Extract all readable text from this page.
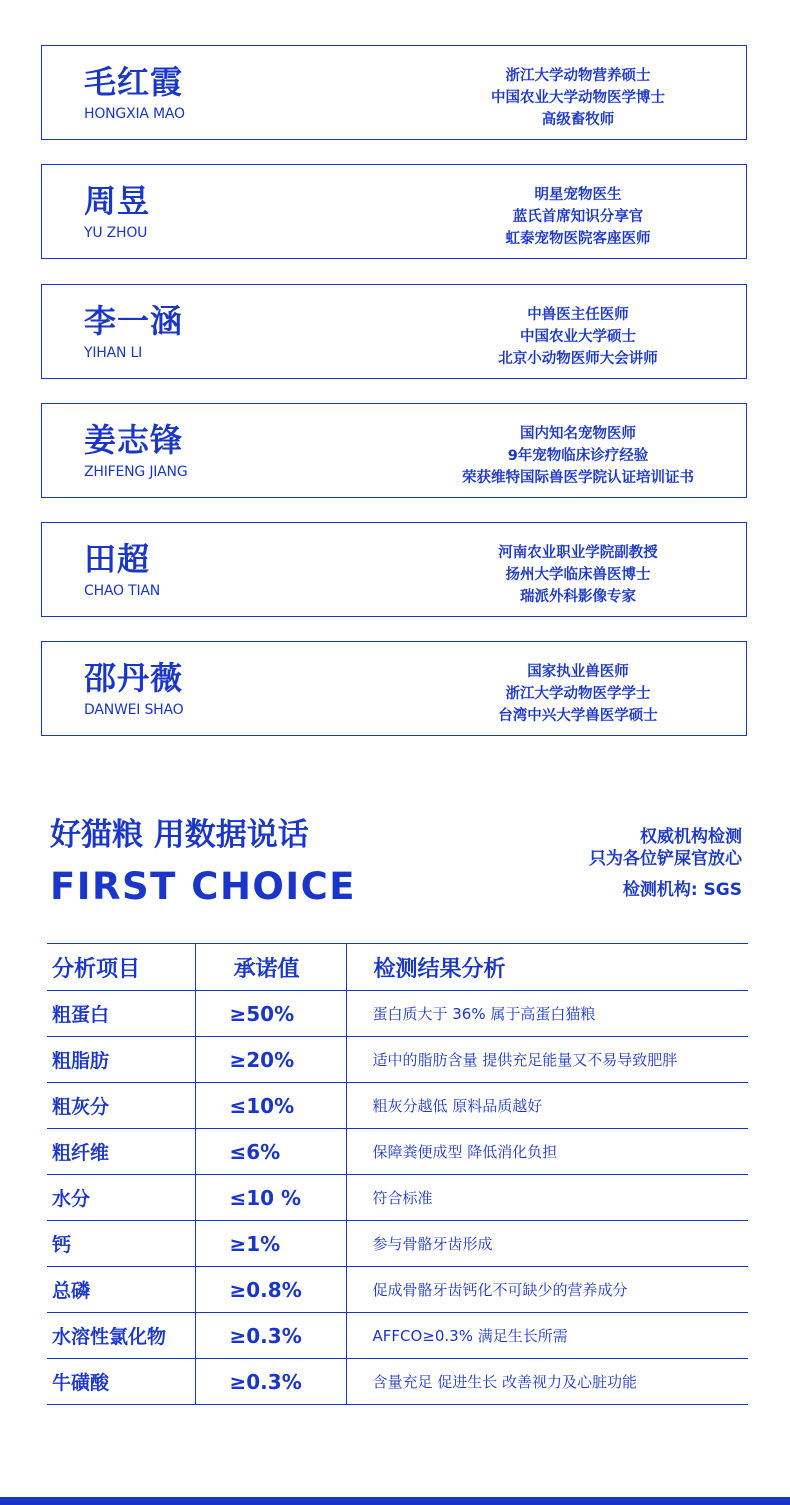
毛红霞
HONGXIA MAO
浙江大学动物营养硕士
中国农业大学动物医学博士
高级畜牧师
周昱
YU ZHOU
明星宠物医生
蓝氏首席知识分享官
虹泰宠物医院客座医师
李一涵
YIHAN LI
中兽医主任医师
中国农业大学硕士
北京小动物医师大会讲师
姜志锋
ZHIFENG JIANG
国内知名宠物医师
9年宠物临床诊疗经验
荣获维特国际兽医学院认证培训证书
田超
CHAO TIAN
河南农业职业学院副教授
扬州大学临床兽医博士
瑞派外科影像专家
邵丹薇
DANWEI SHAO
国家执业兽医师
浙江大学动物医学学士
台湾中兴大学兽医学硕士
好猫粮 用数据说话
FIRST CHOICE
权威机构检测
只为各位铲屎官放心
检测机构: SGS
分析项目	承诺值	检测结果分析
粗蛋白	≥50%	蛋白质大于 36% 属于高蛋白猫粮
粗脂肪	≥20%	适中的脂肪含量 提供充足能量又不易导致肥胖
粗灰分	≤10%	粗灰分越低 原料品质越好
粗纤维	≤6%	保障粪便成型 降低消化负担
水分	≤10 %	符合标准
钙	≥1%	参与骨骼牙齿形成
总磷	≥0.8%	促成骨骼牙齿钙化不可缺少的营养成分
水溶性氯化物	≥0.3%	AFFCO≥0.3% 满足生长所需
牛磺酸	≥0.3%	含量充足 促进生长 改善视力及心脏功能
